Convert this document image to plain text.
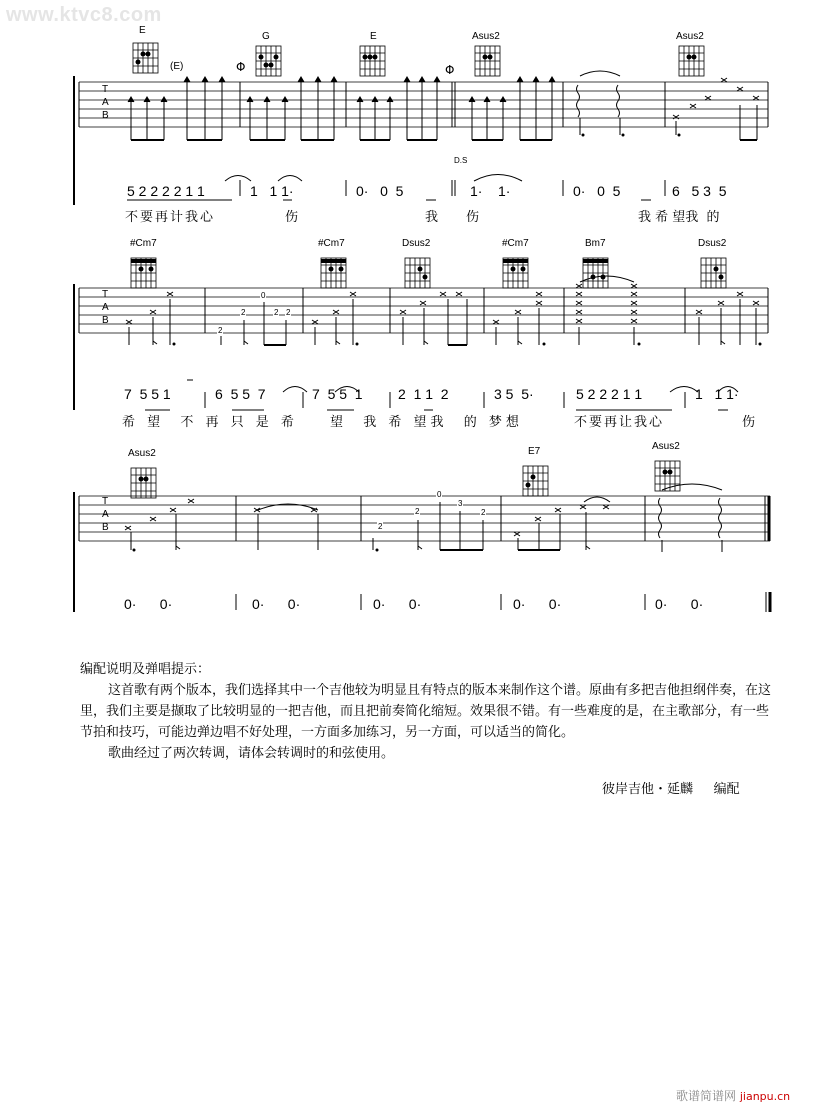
www.ktvc8.com
E
(E)
G	E	Asus2	Asus2
Φ	Φ
T
A
B
D.S
5 2 2 2 2 1 1	1   1 1·	0·   0  5	1·    1·	0·   0  5	6   5 3  5
不要再计我心	伤	我 伤	我 希 望我  的
#Cm7	#Cm7	Dsus2	#Cm7	Bm7	Dsus2
T
A
B
2
2
0
2 2
7  5 5 1	6  5 5  7	7  5 5  1	2  1 1  2	3 5  5·	5 2 2 2 1 1	1   1 1·
希 望  不 再 只 是 希 望  我 希 望我  的 梦想	不要再让我心	伤
Asus2	E7	Asus2
T
A
B	2
2
0
3
2
0·      0·	0·      0·	0·      0·	0·      0·	0·      0·
编配说明及弹唱提示：

这首歌有两个版本，我们选择其中一个吉他较为明显且有特点的版本来制作这个谱。原曲有多把吉他担纲伴奏，在这里，我们主要是撷取了比较明显的一把吉他，而且把前奏简化缩短。效果很不错。有一些难度的是，在主歌部分，有一些节拍和技巧，可能边弹边唱不好处理，一方面多加练习，另一方面，可以适当的简化。

歌曲经过了两次转调，请体会转调时的和弦使用。

彼岸吉他・延麟     编配
歌谱简谱网 jianpu.cn
